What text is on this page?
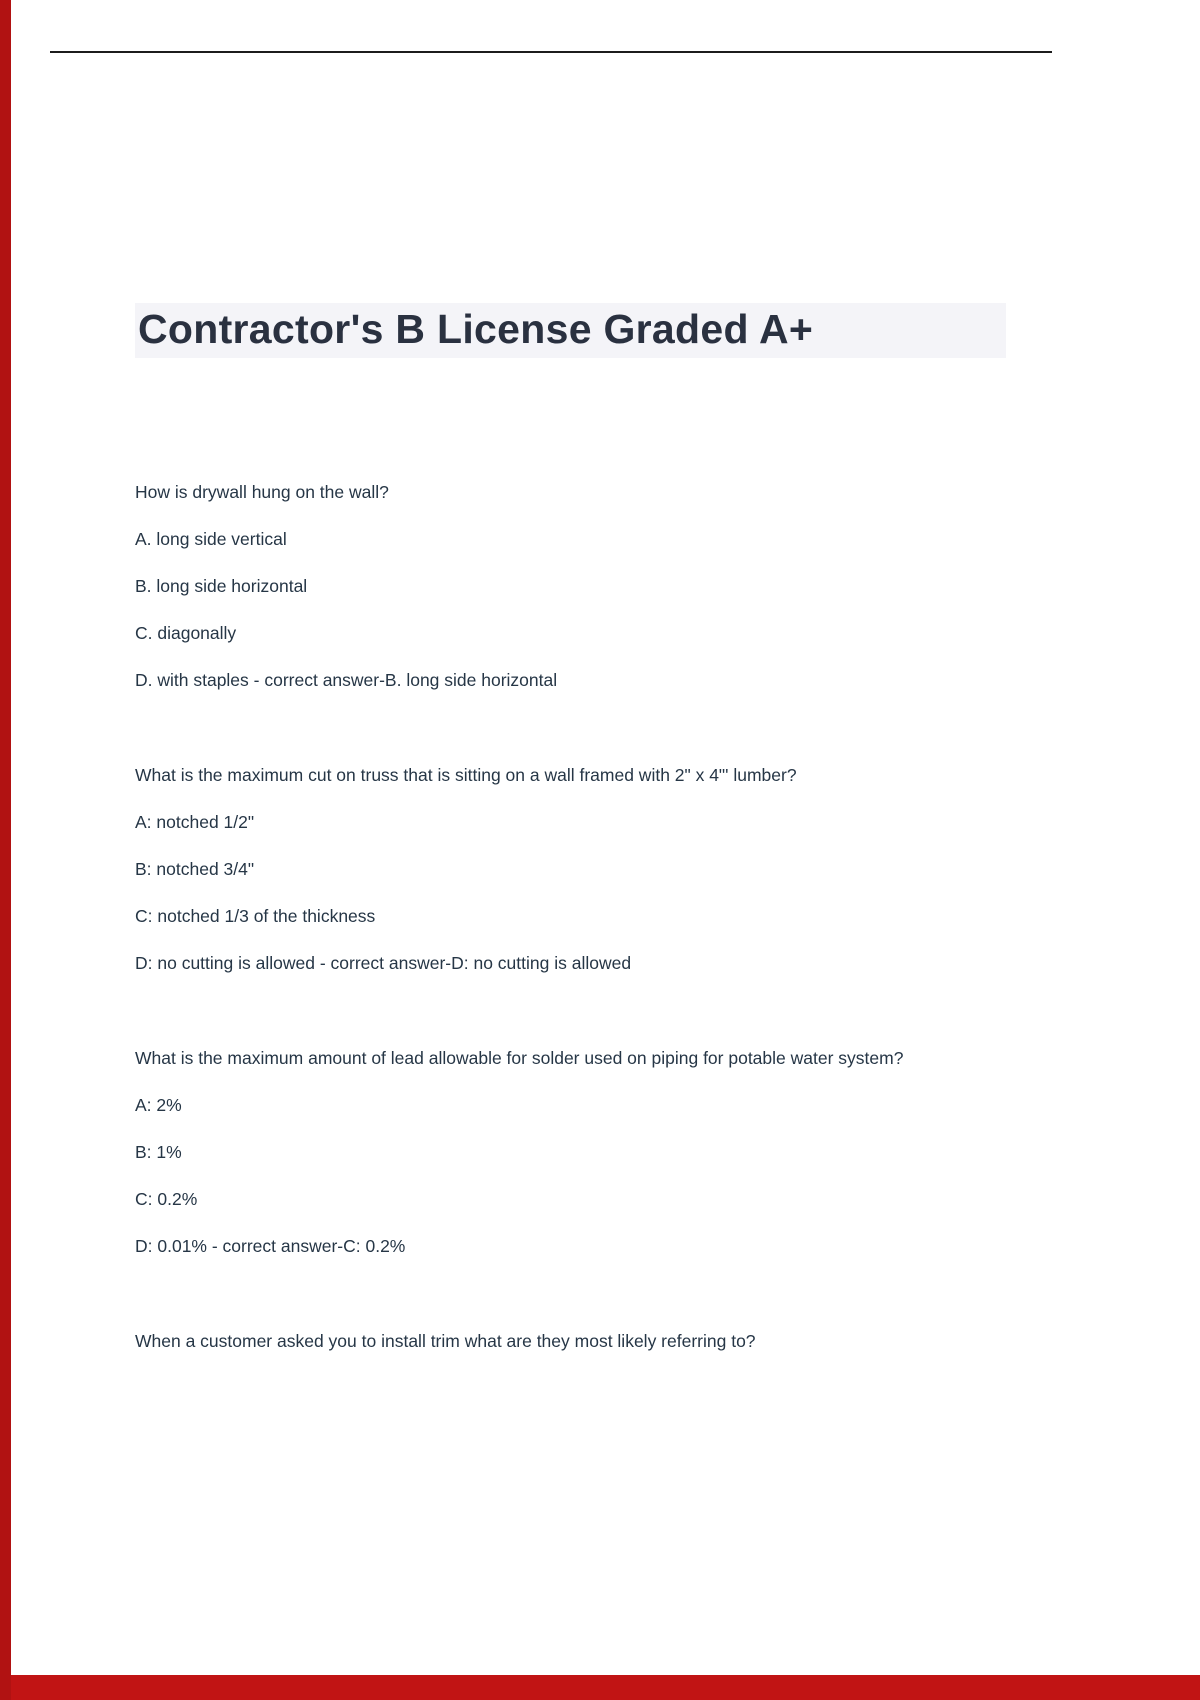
Contractor's B License Graded A+

How is drywall hung on the wall?

A. long side vertical

B. long side horizontal

C. diagonally

D. with staples - correct answer-B. long side horizontal

What is the maximum cut on truss that is sitting on a wall framed with 2" x 4"' lumber?

A: notched 1/2"

B: notched 3/4"

C: notched 1/3 of the thickness

D: no cutting is allowed - correct answer-D: no cutting is allowed

What is the maximum amount of lead allowable for solder used on piping for potable water system?

A: 2%

B: 1%

C: 0.2%

D: 0.01% - correct answer-C: 0.2%

When a customer asked you to install trim what are they most likely referring to?
